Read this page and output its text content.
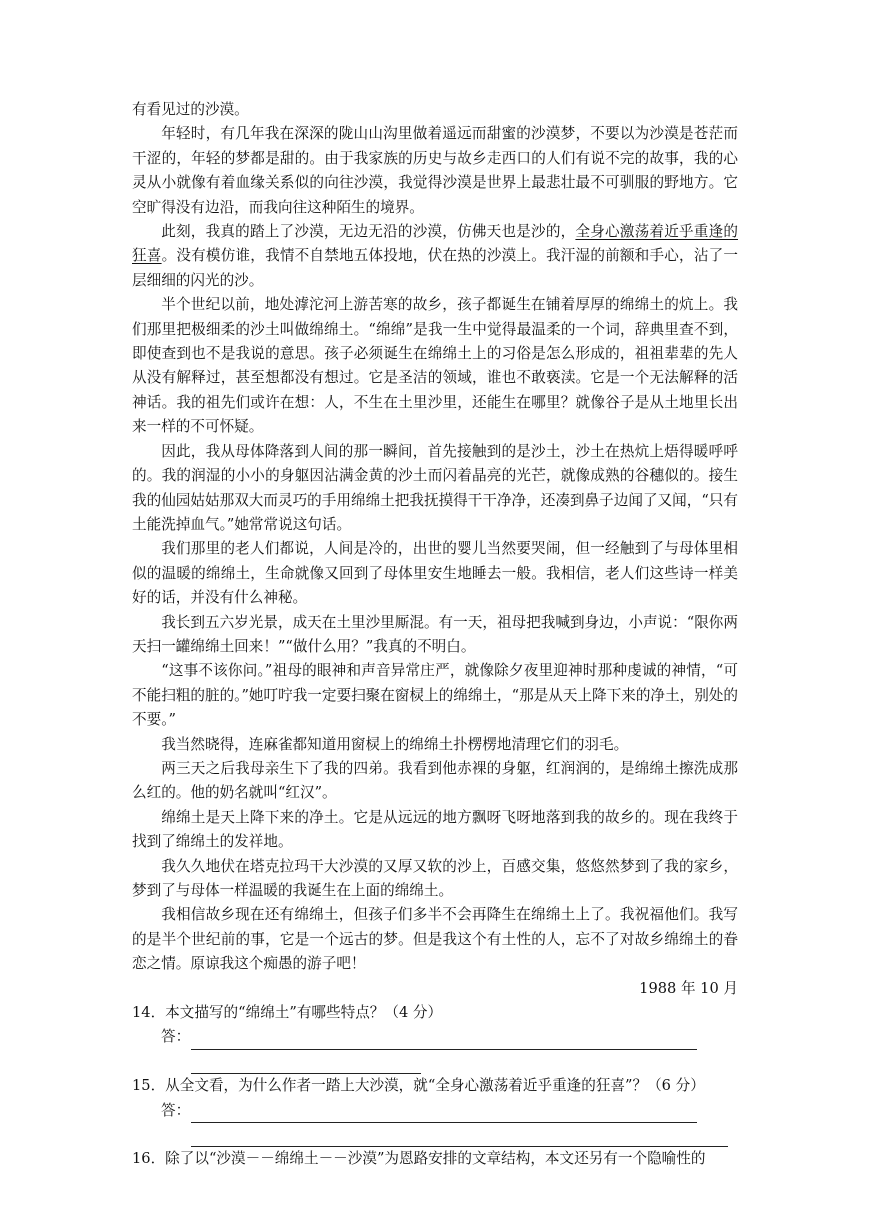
有看见过的沙漠。

年轻时，有几年我在深深的陇山山沟里做着遥远而甜蜜的沙漠梦，不要以为沙漠是苍茫而干涩的，年轻的梦都是甜的。由于我家族的历史与故乡走西口的人们有说不完的故事，我的心灵从小就像有着血缘关系似的向往沙漠，我觉得沙漠是世界上最悲壮最不可驯服的野地方。它空旷得没有边沿，而我向往这种陌生的境界。

此刻，我真的踏上了沙漠，无边无沿的沙漠，仿佛天也是沙的，全身心激荡着近乎重逢的狂喜。没有模仿谁，我情不自禁地五体投地，伏在热的沙漠上。我汗湿的前额和手心，沾了一层细细的闪光的沙。

半个世纪以前，地处滹沱河上游苦寒的故乡，孩子都诞生在铺着厚厚的绵绵土的炕上。我们那里把极细柔的沙土叫做绵绵土。“绵绵”是我一生中觉得最温柔的一个词，辞典里查不到，即使查到也不是我说的意思。孩子必须诞生在绵绵土上的习俗是怎么形成的，祖祖辈辈的先人从没有解释过，甚至想都没有想过。它是圣洁的领域，谁也不敢亵渎。它是一个无法解释的活神话。我的祖先们或许在想：人，不生在土里沙里，还能生在哪里？就像谷子是从土地里长出来一样的不可怀疑。

因此，我从母体降落到人间的那一瞬间，首先接触到的是沙土，沙土在热炕上焐得暖呼呼的。我的润湿的小小的身躯因沾满金黄的沙土而闪着晶亮的光芒，就像成熟的谷穗似的。接生我的仙园姑姑那双大而灵巧的手用绵绵土把我抚摸得干干净净，还凑到鼻子边闻了又闻，“只有土能洗掉血气。”她常常说这句话。

我们那里的老人们都说，人间是冷的，出世的婴儿当然要哭闹，但一经触到了与母体里相似的温暖的绵绵土，生命就像又回到了母体里安生地睡去一般。我相信，老人们这些诗一样美好的话，并没有什么神秘。

我长到五六岁光景，成天在土里沙里厮混。有一天，祖母把我喊到身边，小声说：“限你两天扫一罐绵绵土回来！”“做什么用？”我真的不明白。

“这事不该你问。”祖母的眼神和声音异常庄严，就像除夕夜里迎神时那种虔诚的神情，“可不能扫粗的脏的。”她叮咛我一定要扫聚在窗棂上的绵绵土，“那是从天上降下来的净土，别处的不要。”

我当然晓得，连麻雀都知道用窗棂上的绵绵土扑楞楞地清理它们的羽毛。

两三天之后我母亲生下了我的四弟。我看到他赤裸的身躯，红润润的，是绵绵土擦洗成那么红的。他的奶名就叫“红汉”。

绵绵土是天上降下来的净土。它是从远远的地方飘呀飞呀地落到我的故乡的。现在我终于找到了绵绵土的发祥地。

我久久地伏在塔克拉玛干大沙漠的又厚又软的沙上，百感交集，悠悠然梦到了我的家乡，梦到了与母体一样温暖的我诞生在上面的绵绵土。

我相信故乡现在还有绵绵土，但孩子们多半不会再降生在绵绵土上了。我祝福他们。我写的是半个世纪前的事，它是一个远古的梦。但是我这个有土性的人，忘不了对故乡绵绵土的眷恋之情。原谅我这个痴愚的游子吧！

1988 年 10 月

14．本文描写的“绵绵土”有哪些特点？（4 分）

答：

15．从全文看，为什么作者一踏上大沙漠，就“全身心激荡着近乎重逢的狂喜”？（6 分）

答：

16．除了以“沙漠－－绵绵土－－沙漠”为恩路安排的文章结构，本文还另有一个隐喻性的
